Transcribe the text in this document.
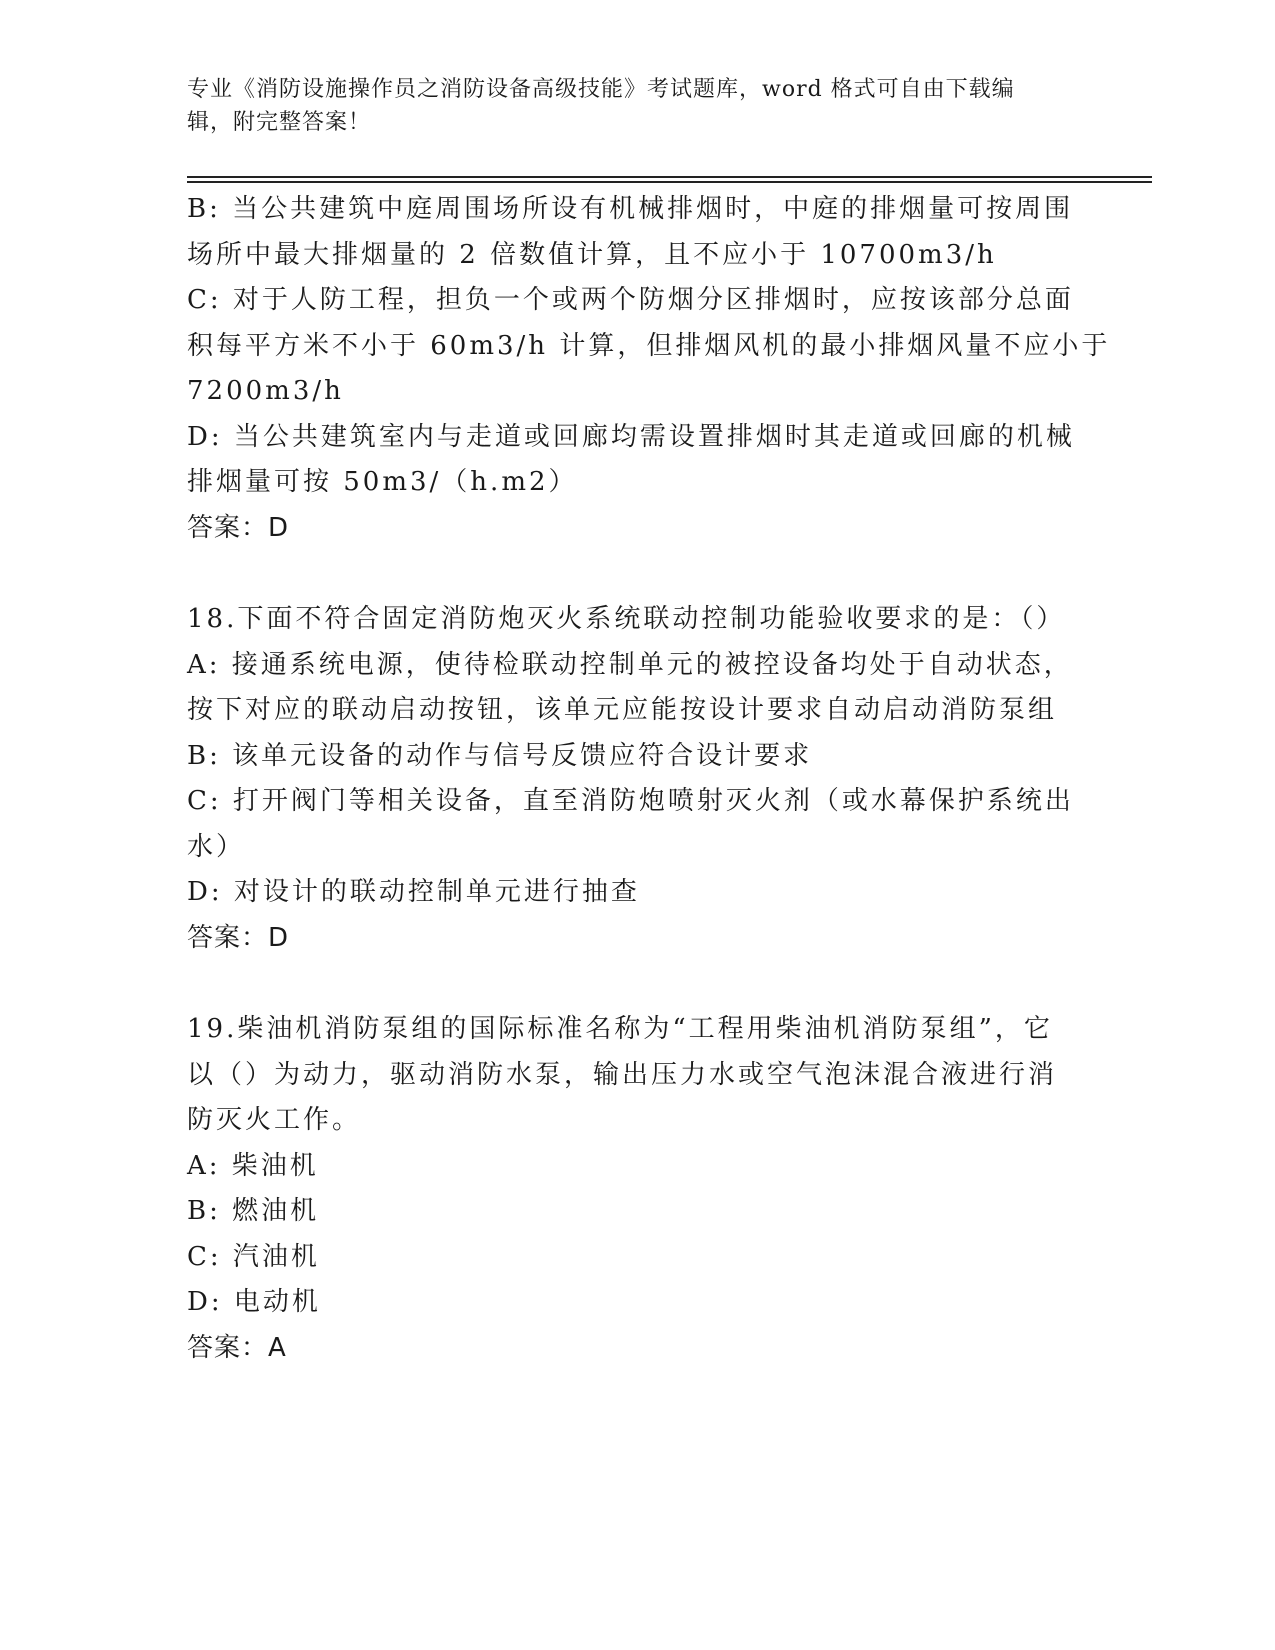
专业《消防设施操作员之消防设备高级技能》考试题库，word 格式可自由下载编
辑，附完整答案！
B: 当公共建筑中庭周围场所设有机械排烟时，中庭的排烟量可按周围
场所中最大排烟量的 2 倍数值计算，且不应小于 10700m3/h
C: 对于人防工程，担负一个或两个防烟分区排烟时，应按该部分总面
积每平方米不小于 60m3/h 计算，但排烟风机的最小排烟风量不应小于
7200m3/h
D: 当公共建筑室内与走道或回廊均需设置排烟时其走道或回廊的机械
排烟量可按 50m3/（h.m2）
答案：D
18.下面不符合固定消防炮灭火系统联动控制功能验收要求的是：（）
A: 接通系统电源，使待检联动控制单元的被控设备均处于自动状态，
按下对应的联动启动按钮，该单元应能按设计要求自动启动消防泵组
B: 该单元设备的动作与信号反馈应符合设计要求
C: 打开阀门等相关设备，直至消防炮喷射灭火剂（或水幕保护系统出
水）
D: 对设计的联动控制单元进行抽查
答案：D
19.柴油机消防泵组的国际标准名称为“工程用柴油机消防泵组”，它
以（）为动力，驱动消防水泵，输出压力水或空气泡沫混合液进行消
防灭火工作。
A: 柴油机
B: 燃油机
C: 汽油机
D: 电动机
答案：A
